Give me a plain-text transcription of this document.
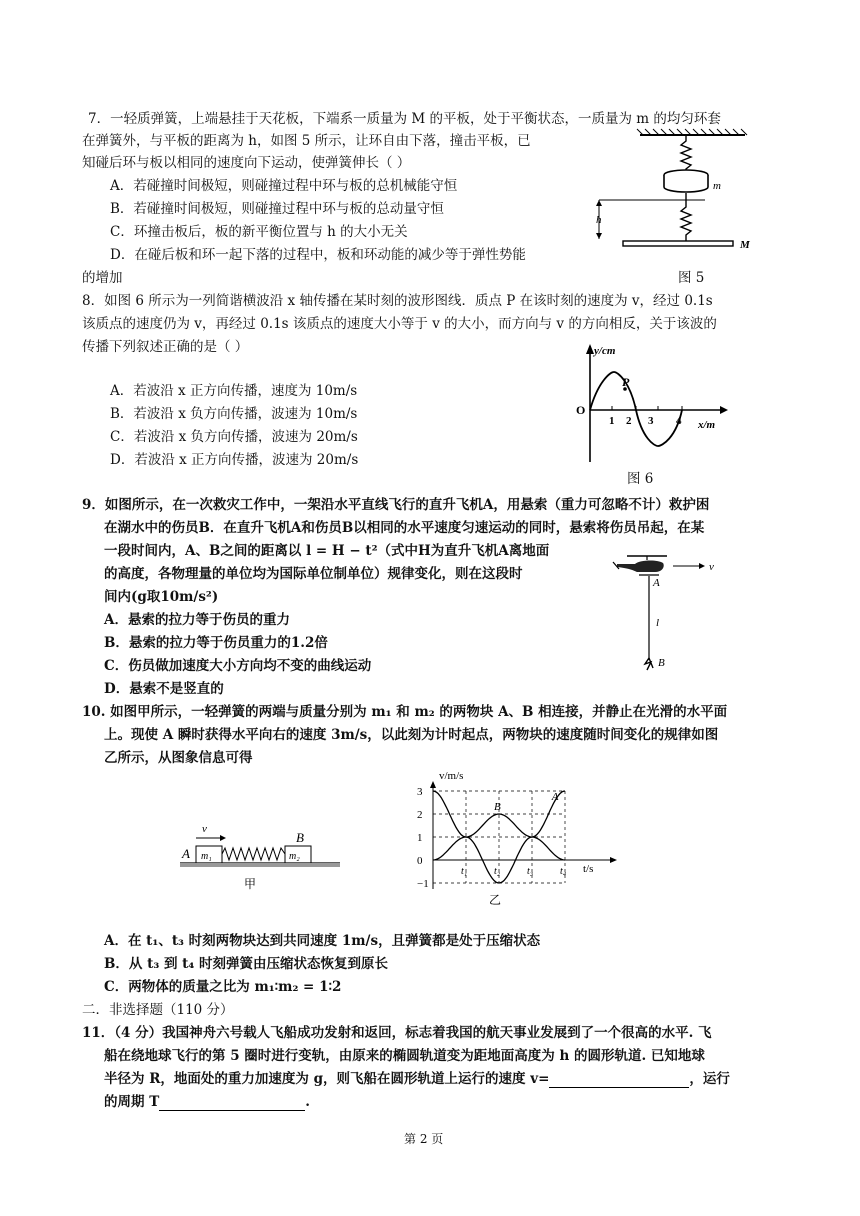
7．一轻质弹簧，上端悬挂于天花板，下端系一质量为 M 的平板，处于平衡状态，一质量为 m 的均匀环套
在弹簧外，与平板的距离为 h，如图 5 所示，让环自由下落，撞击平板，已
知碰后环与板以相同的速度向下运动，使弹簧伸长（ ）
A．若碰撞时间极短，则碰撞过程中环与板的总机械能守恒
B．若碰撞时间极短，则碰撞过程中环与板的总动量守恒
C．环撞击板后，板的新平衡位置与 h 的大小无关
D．在碰后板和环一起下落的过程中，板和环动能的减少等于弹性势能
的增加
m
h
M
图 5
8．如图 6 所示为一列简谐横波沿 x 轴传播在某时刻的波形图线．质点 P 在该时刻的速度为 v，经过 0.1s
该质点的速度仍为 v，再经过 0.1s 该质点的速度大小等于 v 的大小，而方向与 v 的方向相反，关于该波的
传播下列叙述正确的是（ ）
A．若波沿 x 正方向传播，速度为 10m/s
B．若波沿 x 负方向传播，波速为 10m/s
C．若波沿 x 负方向传播，波速为 20m/s
D．若波沿 x 正方向传播，波速为 20m/s
y/cm
O
P
1 2 3 4 x/m
图 6
9．如图所示，在一次救灾工作中，一架沿水平直线飞行的直升飞机A，用悬索（重力可忽略不计）救护困
在湖水中的伤员B．在直升飞机A和伤员B以相同的水平速度匀速运动的同时，悬索将伤员吊起，在某
一段时间内，A、B之间的距离以 l = H − t²（式中H为直升飞机A离地面
的高度，各物理量的单位均为国际单位制单位）规律变化，则在这段时
间内(g取10m/s²)
A．悬索的拉力等于伤员的重力
B．悬索的拉力等于伤员重力的1.2倍
C．伤员做加速度大小方向均不变的曲线运动
D．悬索不是竖直的
v
A
l
B
10. 如图甲所示，一轻弹簧的两端与质量分别为 m₁ 和 m₂ 的两物块 A、B 相连接，并静止在光滑的水平面
上。现使 A 瞬时获得水平向右的速度 3m/s，以此刻为计时起点，两物块的速度随时间变化的规律如图
乙所示，从图象信息可得
v
B
A m₁	m₂
甲
v/m/s
t/s
乙
3
2
1
0
−1
t₁	t₂	t₃	t₄
A
B
A．在 t₁、t₃ 时刻两物块达到共同速度 1m/s，且弹簧都是处于压缩状态
B．从 t₃ 到 t₄ 时刻弹簧由压缩状态恢复到原长
C．两物体的质量之比为 m₁∶m₂ = 1∶2
二．非选择题（110 分）
11．（4 分）我国神舟六号载人飞船成功发射和返回，标志着我国的航天事业发展到了一个很高的水平. 飞
船在绕地球飞行的第 5 圈时进行变轨，由原来的椭圆轨道变为距地面高度为 h 的圆形轨道. 已知地球
半径为 R，地面处的重力加速度为 g，则飞船在圆形轨道上运行的速度 v=	，运行
的周期 T	.
第 2 页
